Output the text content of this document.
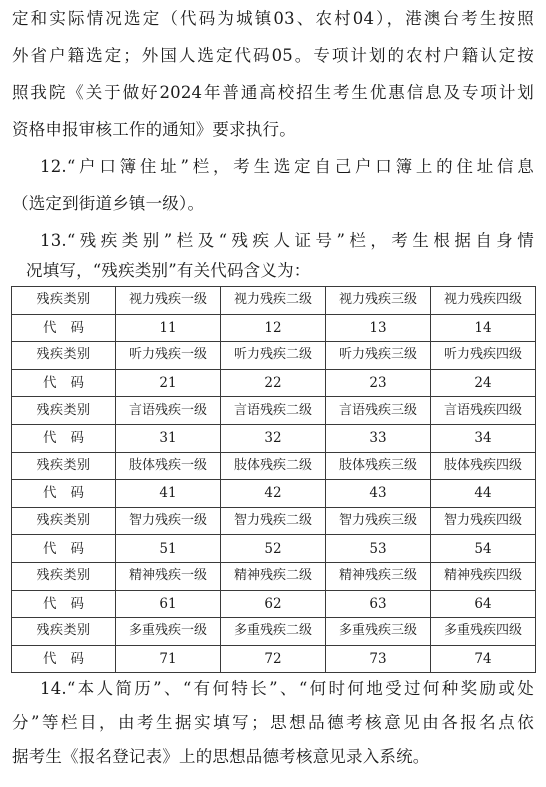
定和实际情况选定（代码为城镇03、农村04），港澳台考生按照
外省户籍选定；外国人选定代码05。专项计划的农村户籍认定按
照我院《关于做好2024年普通高校招生考生优惠信息及专项计划
资格申报审核工作的通知》要求执行。
12.“户口簿住址”栏，考生选定自己户口簿上的住址信息
（选定到街道乡镇一级）。
13.“残疾类别”栏及“残疾人证号”栏，考生根据自身情
况填写，“残疾类别”有关代码含义为：
残疾类别	视力残疾一级	视力残疾二级	视力残疾三级	视力残疾四级
代码	11	12	13	14
残疾类别	听力残疾一级	听力残疾二级	听力残疾三级	听力残疾四级
代码	21	22	23	24
残疾类别	言语残疾一级	言语残疾二级	言语残疾三级	言语残疾四级
代码	31	32	33	34
残疾类别	肢体残疾一级	肢体残疾二级	肢体残疾三级	肢体残疾四级
代码	41	42	43	44
残疾类别	智力残疾一级	智力残疾二级	智力残疾三级	智力残疾四级
代码	51	52	53	54
残疾类别	精神残疾一级	精神残疾二级	精神残疾三级	精神残疾四级
代码	61	62	63	64
残疾类别	多重残疾一级	多重残疾二级	多重残疾三级	多重残疾四级
代码	71	72	73	74
14.“本人简历”、“有何特长”、“何时何地受过何种奖励或处
分”等栏目，由考生据实填写；思想品德考核意见由各报名点依
据考生《报名登记表》上的思想品德考核意见录入系统。
